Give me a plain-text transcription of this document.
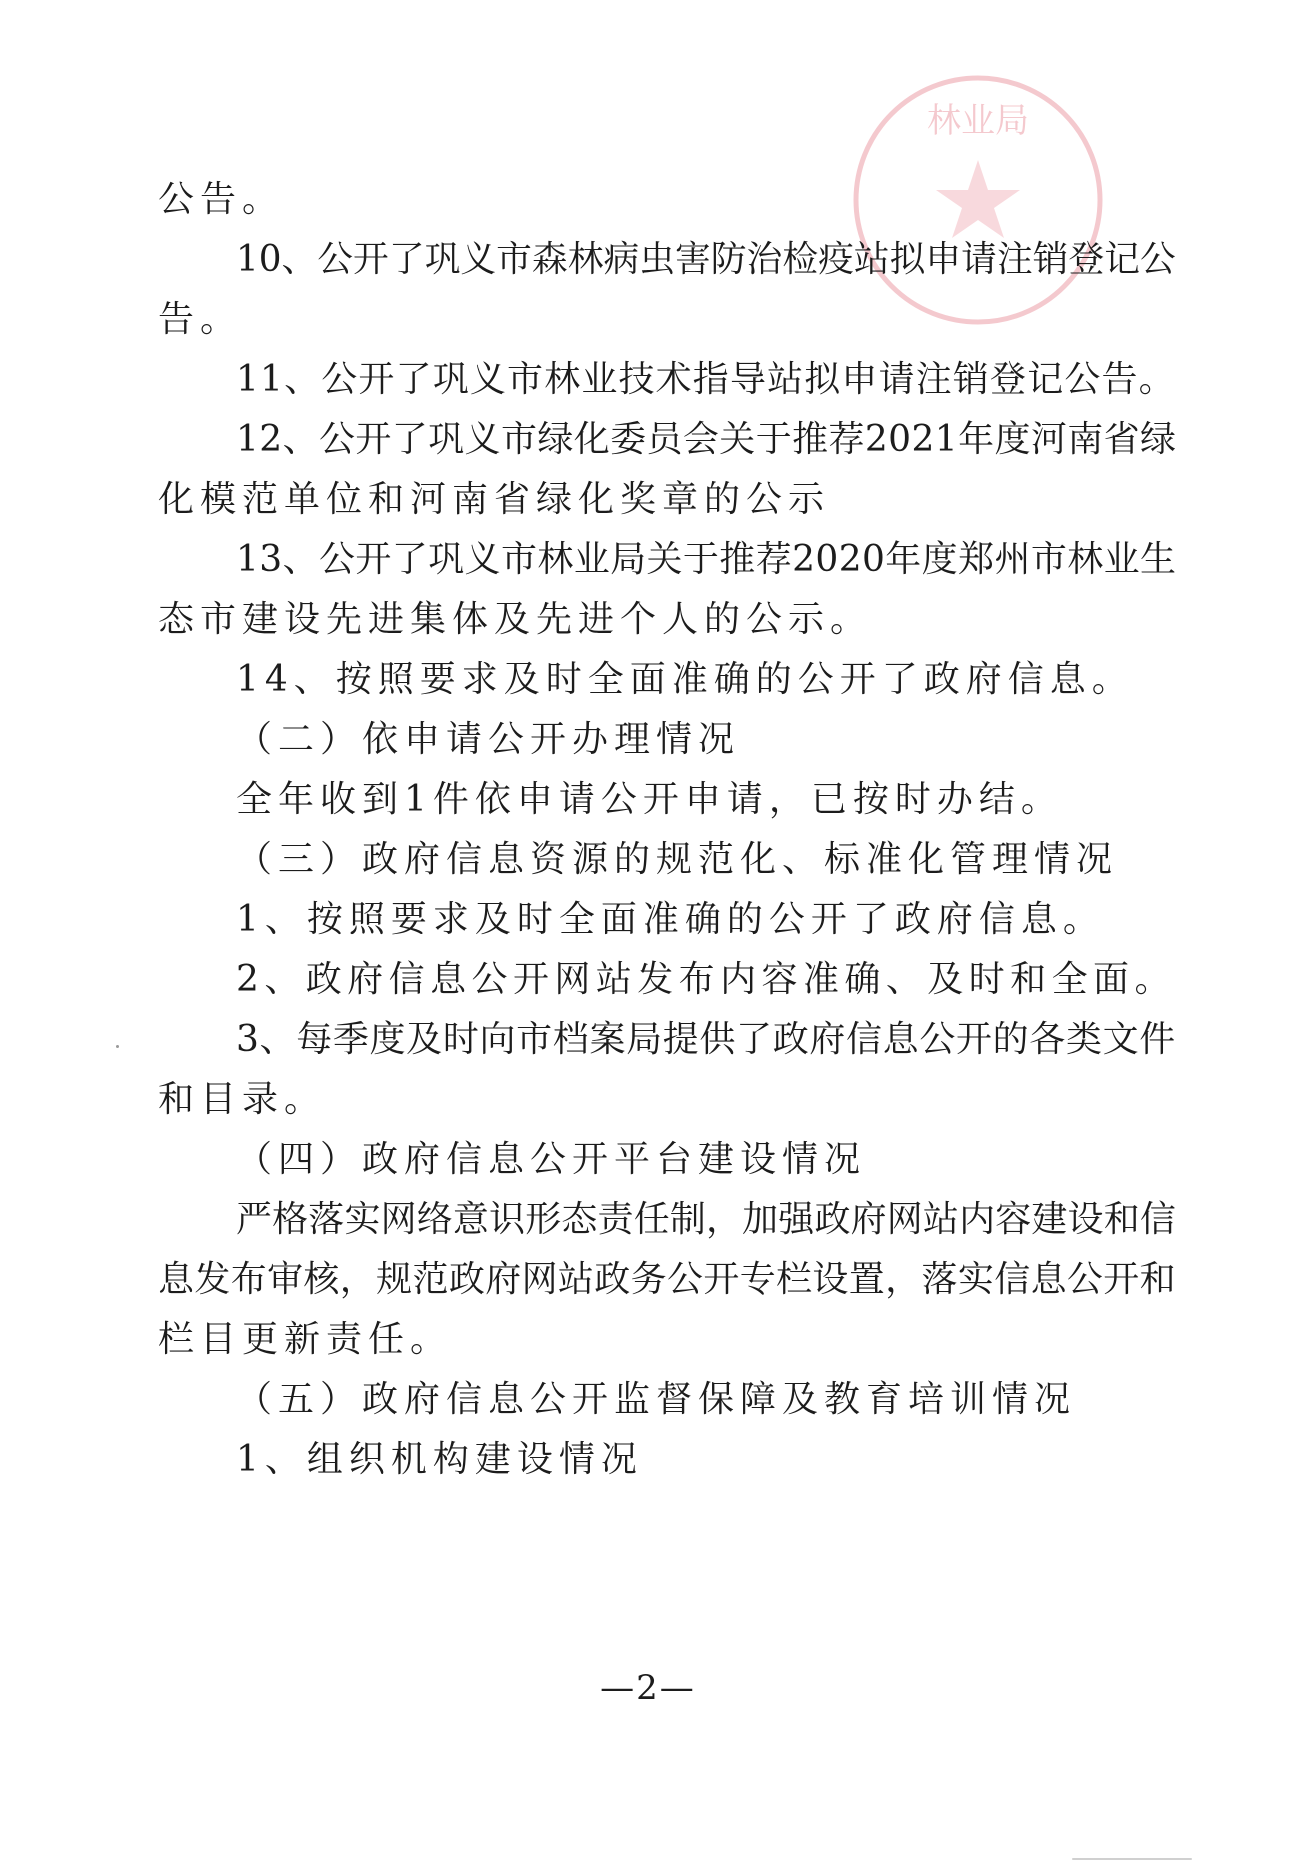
林业局
公告。
10、公开了巩义市森林病虫害防治检疫站拟申请注销登记公
告。
11、公开了巩义市林业技术指导站拟申请注销登记公告。
12、公开了巩义市绿化委员会关于推荐2021年度河南省绿
化模范单位和河南省绿化奖章的公示
13、公开了巩义市林业局关于推荐2020年度郑州市林业生
态市建设先进集体及先进个人的公示。
14、按照要求及时全面准确的公开了政府信息。
（二）依申请公开办理情况
全年收到1件依申请公开申请，已按时办结。
（三）政府信息资源的规范化、标准化管理情况
1、按照要求及时全面准确的公开了政府信息。
2、政府信息公开网站发布内容准确、及时和全面。
3、每季度及时向市档案局提供了政府信息公开的各类文件
和目录。
（四）政府信息公开平台建设情况
严格落实网络意识形态责任制，加强政府网站内容建设和信
息发布审核，规范政府网站政务公开专栏设置，落实信息公开和
栏目更新责任。
（五）政府信息公开监督保障及教育培训情况
1、组织机构建设情况
—2—
